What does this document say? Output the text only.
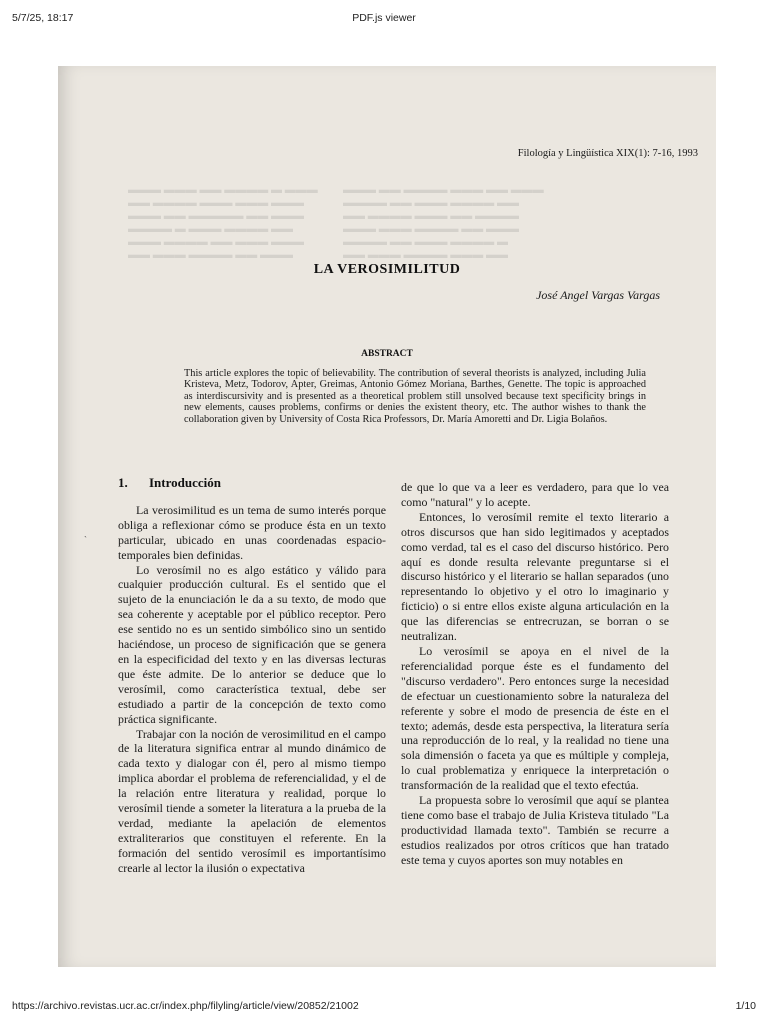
5/7/25, 18:17	PDF.js viewer
▬▬▬ ▬▬▬ ▬▬ ▬▬▬▬ ▬ ▬▬▬
▬▬ ▬▬▬▬ ▬▬▬ ▬▬▬ ▬▬▬
▬▬▬ ▬▬ ▬▬▬▬▬ ▬▬ ▬▬▬
▬▬▬▬ ▬ ▬▬▬ ▬▬▬▬ ▬▬
▬▬▬ ▬▬▬▬ ▬▬ ▬▬▬ ▬▬▬
▬▬ ▬▬▬ ▬▬▬▬ ▬▬ ▬▬▬
▬▬▬ ▬▬ ▬▬▬▬ ▬▬▬ ▬▬ ▬▬▬
▬▬▬▬ ▬▬ ▬▬▬ ▬▬▬▬ ▬▬
▬▬ ▬▬▬▬ ▬▬▬ ▬▬ ▬▬▬▬
▬▬▬ ▬▬▬ ▬▬▬▬ ▬▬ ▬▬▬
▬▬▬▬ ▬▬ ▬▬▬ ▬▬▬▬ ▬
▬▬ ▬▬▬ ▬▬▬▬ ▬▬▬ ▬▬
Filología y Lingüística XIX(1): 7-16, 1993
LA VEROSIMILITUD
José Angel Vargas Vargas
ABSTRACT
This article explores the topic of believability. The contribution of several theorists is analyzed, including Julia Kristeva, Metz, Todorov, Apter, Greimas, Antonio Gómez Moriana, Barthes, Genette. The topic is approached as interdiscursivity and is presented as a theoretical problem still unsolved because text specificity brings in new elements, causes problems, confirms or denies the existent theory, etc. The author wishes to thank the collaboration given by University of Costa Rica Professors, Dr. María Amoretti and Dr. Ligia Bolaños.
`
1. Introducción

La verosimilitud es un tema de sumo interés porque obliga a reflexionar cómo se produce ésta en un texto particular, ubicado en unas coordenadas espacio-temporales bien definidas.

Lo verosímil no es algo estático y válido para cualquier producción cultural. Es el sentido que el sujeto de la enunciación le da a su texto, de modo que sea coherente y aceptable por el público receptor. Pero ese sentido no es un sentido simbólico sino un sentido haciéndose, un proceso de significación que se genera en la especificidad del texto y en las diversas lecturas que éste admite. De lo anterior se deduce que lo verosímil, como característica textual, debe ser estudiado a partir de la concepción de texto como práctica significante.

Trabajar con la noción de verosimilitud en el campo de la literatura significa entrar al mundo dinámico de cada texto y dialogar con él, pero al mismo tiempo implica abordar el problema de referencialidad, y el de la relación entre literatura y realidad, porque lo verosímil tiende a someter la literatura a la prueba de la verdad, mediante la apelación de elementos extraliterarios que constituyen el referente. En la formación del sentido verosímil es importantísimo crearle al lector la ilusión o expectativa

de que lo que va a leer es verdadero, para que lo vea como "natural" y lo acepte.

Entonces, lo verosímil remite el texto literario a otros discursos que han sido legitimados y aceptados como verdad, tal es el caso del discurso histórico. Pero aquí es donde resulta relevante preguntarse si el discurso histórico y el literario se hallan separados (uno representando lo objetivo y el otro lo imaginario y ficticio) o si entre ellos existe alguna articulación en la que las diferencias se entrecruzan, se borran o se neutralizan.

Lo verosímil se apoya en el nivel de la referencialidad porque éste es el fundamento del "discurso verdadero". Pero entonces surge la necesidad de efectuar un cuestionamiento sobre la naturaleza del referente y sobre el modo de presencia de éste en el texto; además, desde esta perspectiva, la literatura sería una reproducción de lo real, y la realidad no tiene una sola dimensión o faceta ya que es múltiple y compleja, lo cual problematiza y enriquece la interpretación o transformación de la realidad que el texto efectúa.

La propuesta sobre lo verosímil que aquí se plantea tiene como base el trabajo de Julia Kristeva titulado "La productividad llamada texto". También se recurre a estudios realizados por otros críticos que han tratado este tema y cuyos aportes son muy notables en

https://archivo.revistas.ucr.ac.cr/index.php/filyling/article/view/20852/21002	1/10
